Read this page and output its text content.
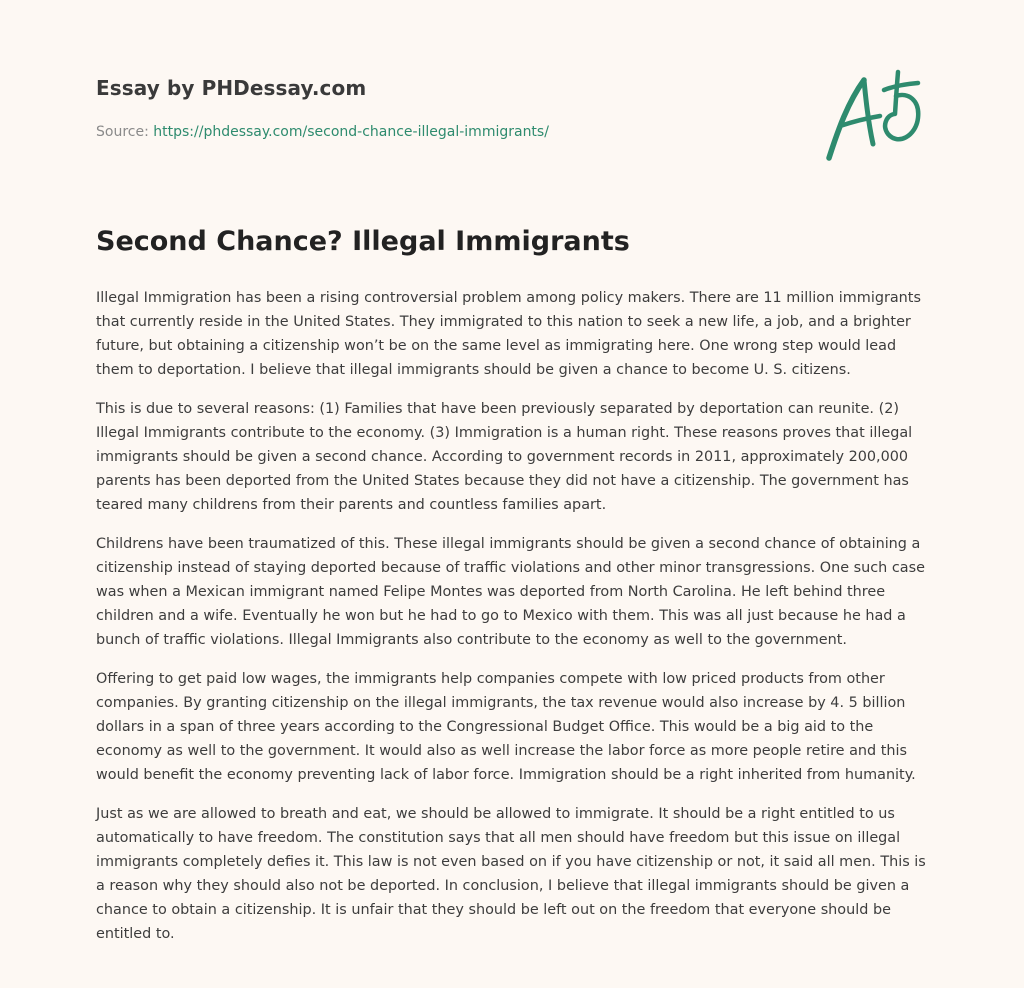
Essay by PHDessay.com
Source: https://phdessay.com/second-chance-illegal-immigrants/
Second Chance? Illegal Immigrants

Illegal Immigration has been a rising controversial problem among policy makers. There are 11 million immigrants that currently reside in the United States. They immigrated to this nation to seek a new life, a job, and a brighter future, but obtaining a citizenship won’t be on the same level as immigrating here. One wrong step would lead them to deportation. I believe that illegal immigrants should be given a chance to become U. S. citizens.

This is due to several reasons: (1) Families that have been previously separated by deportation can reunite. (2) Illegal Immigrants contribute to the economy. (3) Immigration is a human right. These reasons proves that illegal immigrants should be given a second chance. According to government records in 2011, approximately 200,000 parents has been deported from the United States because they did not have a citizenship. The government has teared many childrens from their parents and countless families apart.

Childrens have been traumatized of this. These illegal immigrants should be given a second chance of obtaining a citizenship instead of staying deported because of traffic violations and other minor transgressions. One such case was when a Mexican immigrant named Felipe Montes was deported from North Carolina. He left behind three children and a wife. Eventually he won but he had to go to Mexico with them. This was all just because he had a bunch of traffic violations. Illegal Immigrants also contribute to the economy as well to the government.

Offering to get paid low wages, the immigrants help companies compete with low priced products from other companies. By granting citizenship on the illegal immigrants, the tax revenue would also increase by 4. 5 billion dollars in a span of three years according to the Congressional Budget Office. This would be a big aid to the economy as well to the government. It would also as well increase the labor force as more people retire and this would benefit the economy preventing lack of labor force. Immigration should be a right inherited from humanity.

Just as we are allowed to breath and eat, we should be allowed to immigrate. It should be a right entitled to us automatically to have freedom. The constitution says that all men should have freedom but this issue on illegal immigrants completely defies it. This law is not even based on if you have citizenship or not, it said all men. This is a reason why they should also not be deported. In conclusion, I believe that illegal immigrants should be given a chance to obtain a citizenship. It is unfair that they should be left out on the freedom that everyone should be entitled to.
